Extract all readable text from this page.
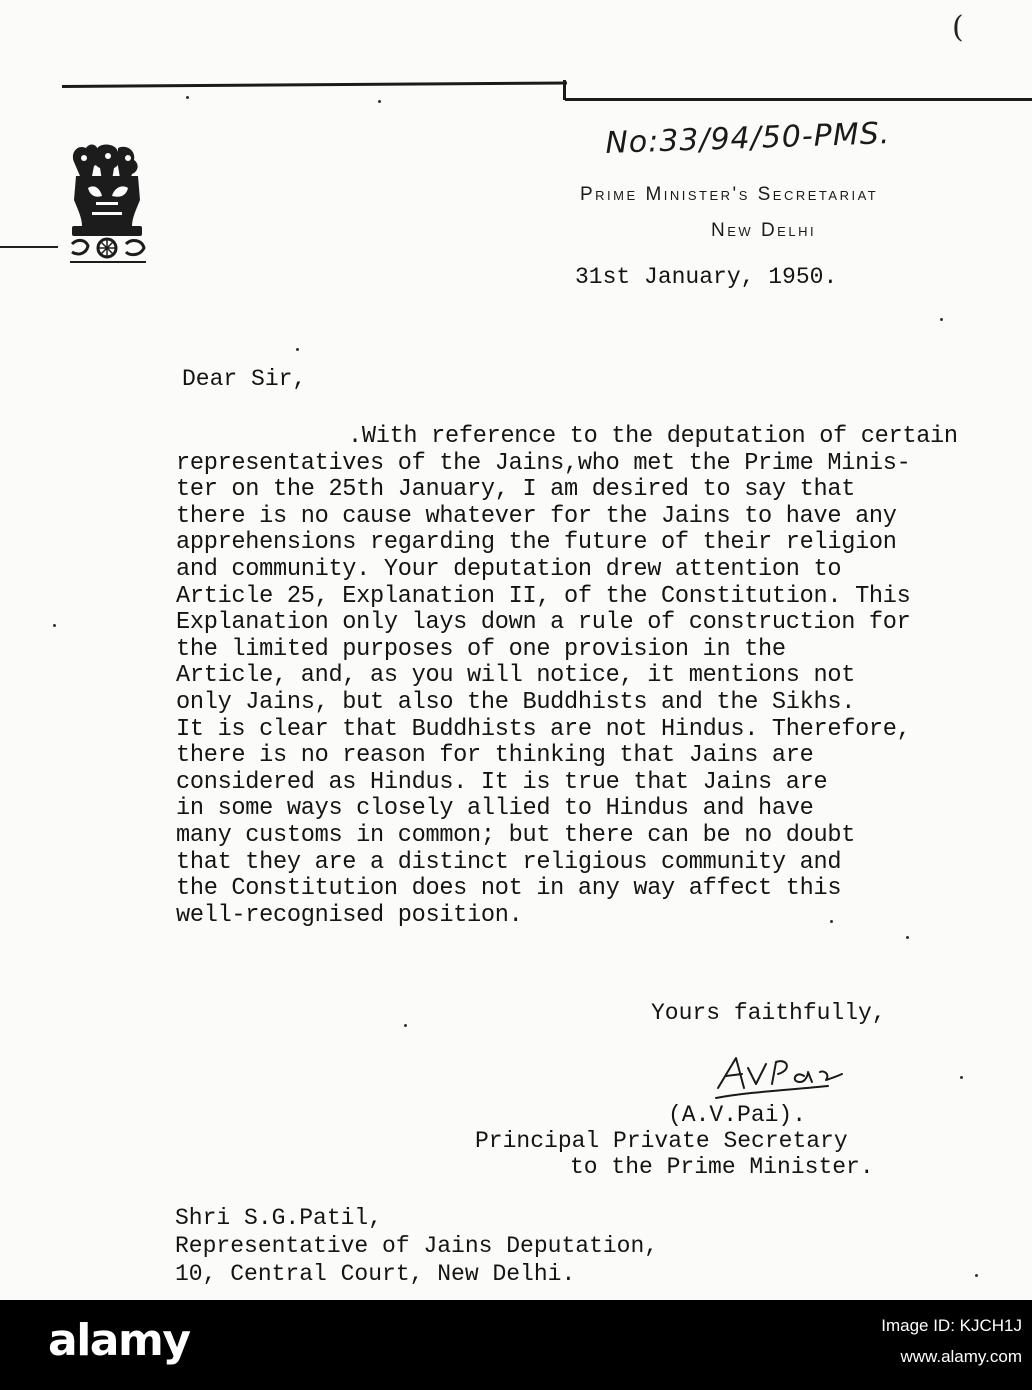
(
No:33/94/50-PMS.
Prime Minister's Secretariat
New Delhi
31st January, 1950.
Dear Sir,
.With reference to the deputation of certain
representatives of the Jains,who met the Prime Minis-
ter on the 25th January, I am desired to say that
there is no cause whatever for the Jains to have any
apprehensions regarding the future of their religion
and community. Your deputation drew attention to
Article 25, Explanation II, of the Constitution. This
Explanation only lays down a rule of construction for
the limited purposes of one provision in the
Article, and, as you will notice, it mentions not
only Jains, but also the Buddhists and the Sikhs.
It is clear that Buddhists are not Hindus. Therefore,
there is no reason for thinking that Jains are
considered as Hindus. It is true that Jains are
in some ways closely allied to Hindus and have
many customs in common; but there can be no doubt
that they are a distinct religious community and
the Constitution does not in any way affect this
well-recognised position.
Yours faithfully,
(A.V.Pai).
Principal Private Secretary
to the Prime Minister.
Shri S.G.Patil,
Representative of Jains Deputation,
10, Central Court, New Delhi.
alamy	Image ID: KJCH1J
www.alamy.com
